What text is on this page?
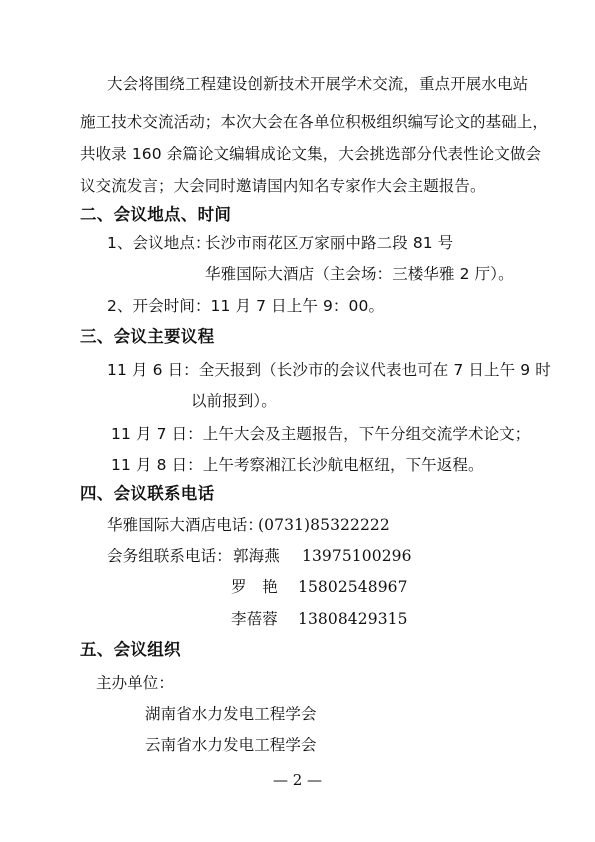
大会将围绕工程建设创新技术开展学术交流，重点开展水电站
施工技术交流活动；本次大会在各单位积极组织编写论文的基础上，
共收录 160 余篇论文编辑成论文集，大会挑选部分代表性论文做会
议交流发言；大会同时邀请国内知名专家作大会主题报告。
二、会议地点、时间
1、会议地点：
长沙市雨花区万家丽中路二段 81 号
华雅国际大酒店（主会场：三楼华雅 2 厅）。
2、开会时间：11 月 7 日上午 9：00。
三、会议主要议程
11 月 6 日：全天报到（长沙市的会议代表也可在 7 日上午 9 时
以前报到）。
11 月 7 日：上午大会及主题报告，下午分组交流学术论文；
11 月 8 日：上午考察湘江长沙航电枢纽，下午返程。
四、会议联系电话
华雅国际大酒店电话：
(0731)85322222
会务组联系电话： 郭海燕 13975100296
罗　艳 15802548967
李蓓蓉 13808429315
五、会议组织
主办单位：
湖南省水力发电工程学会
云南省水力发电工程学会
— 2 —
